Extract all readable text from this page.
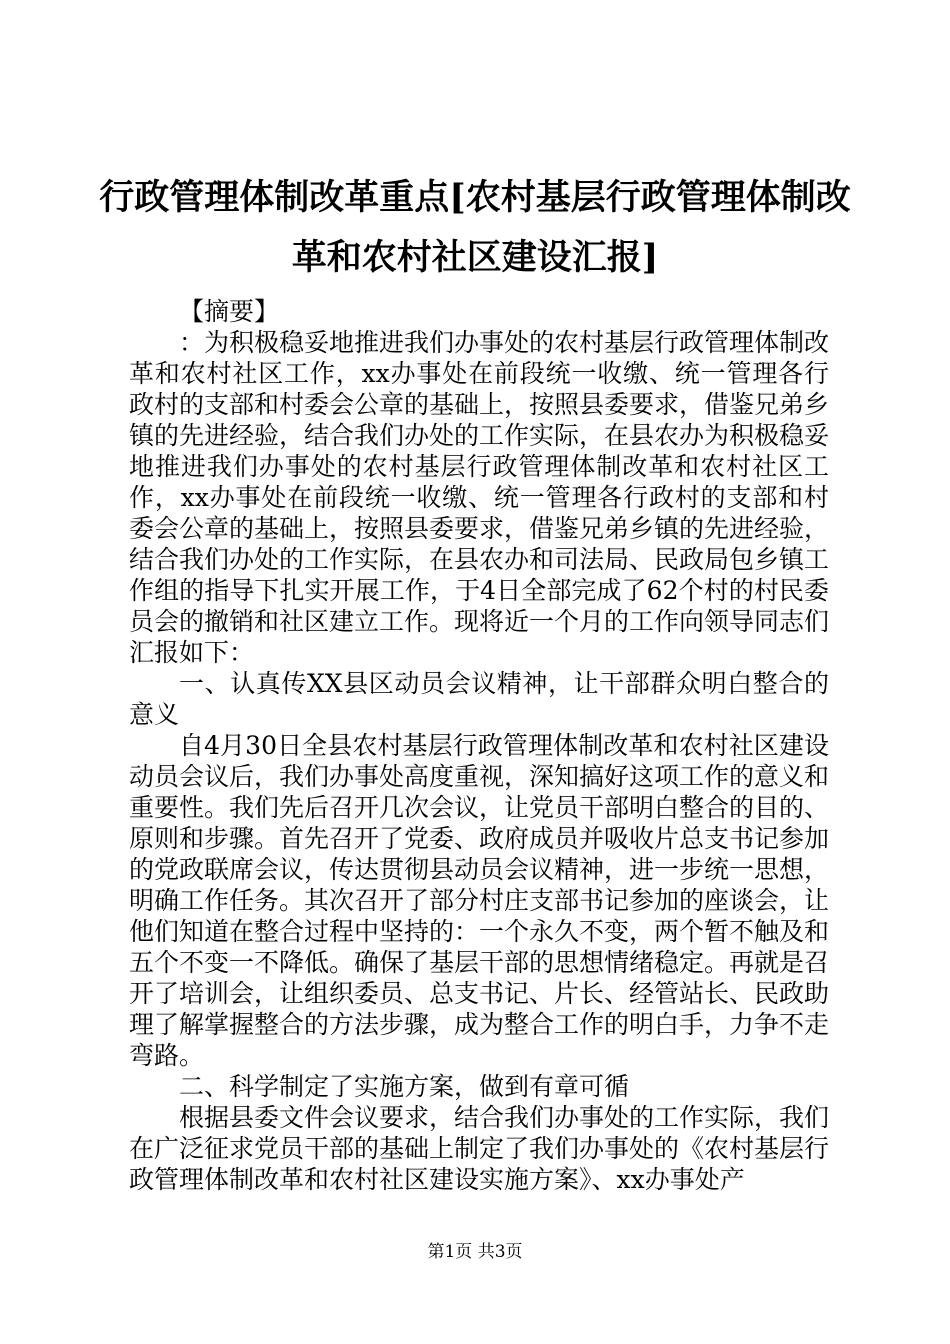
行政管理体制改革重点[农村基层行政管理体制改革和农村社区建设汇报]

【摘要】

：为积极稳妥地推进我们办事处的农村基层行政管理体制改革和农村社区工作，xx办事处在前段统一收缴、统一管理各行政村的支部和村委会公章的基础上，按照县委要求，借鉴兄弟乡镇的先进经验，结合我们办处的工作实际，在县农办为积极稳妥地推进我们办事处的农村基层行政管理体制改革和农村社区工作，xx办事处在前段统一收缴、统一管理各行政村的支部和村委会公章的基础上，按照县委要求，借鉴兄弟乡镇的先进经验，结合我们办处的工作实际，在县农办和司法局、民政局包乡镇工作组的指导下扎实开展工作，于4日全部完成了62个村的村民委员会的撤销和社区建立工作。现将近一个月的工作向领导同志们汇报如下：

一、认真传XX县区动员会议精神，让干部群众明白整合的意义

自4月30日全县农村基层行政管理体制改革和农村社区建设动员会议后，我们办事处高度重视，深知搞好这项工作的意义和重要性。我们先后召开几次会议，让党员干部明白整合的目的、原则和步骤。首先召开了党委、政府成员并吸收片总支书记参加的党政联席会议，传达贯彻县动员会议精神，进一步统一思想，明确工作任务。其次召开了部分村庄支部书记参加的座谈会，让他们知道在整合过程中坚持的：一个永久不变，两个暂不触及和五个不变一不降低。确保了基层干部的思想情绪稳定。再就是召开了培训会，让组织委员、总支书记、片长、经管站长、民政助理了解掌握整合的方法步骤，成为整合工作的明白手，力争不走弯路。

二、科学制定了实施方案，做到有章可循

根据县委文件会议要求，结合我们办事处的工作实际，我们在广泛征求党员干部的基础上制定了我们办事处的《农村基层行政管理体制改革和农村社区建设实施方案》、xx办事处产

第1页 共3页
